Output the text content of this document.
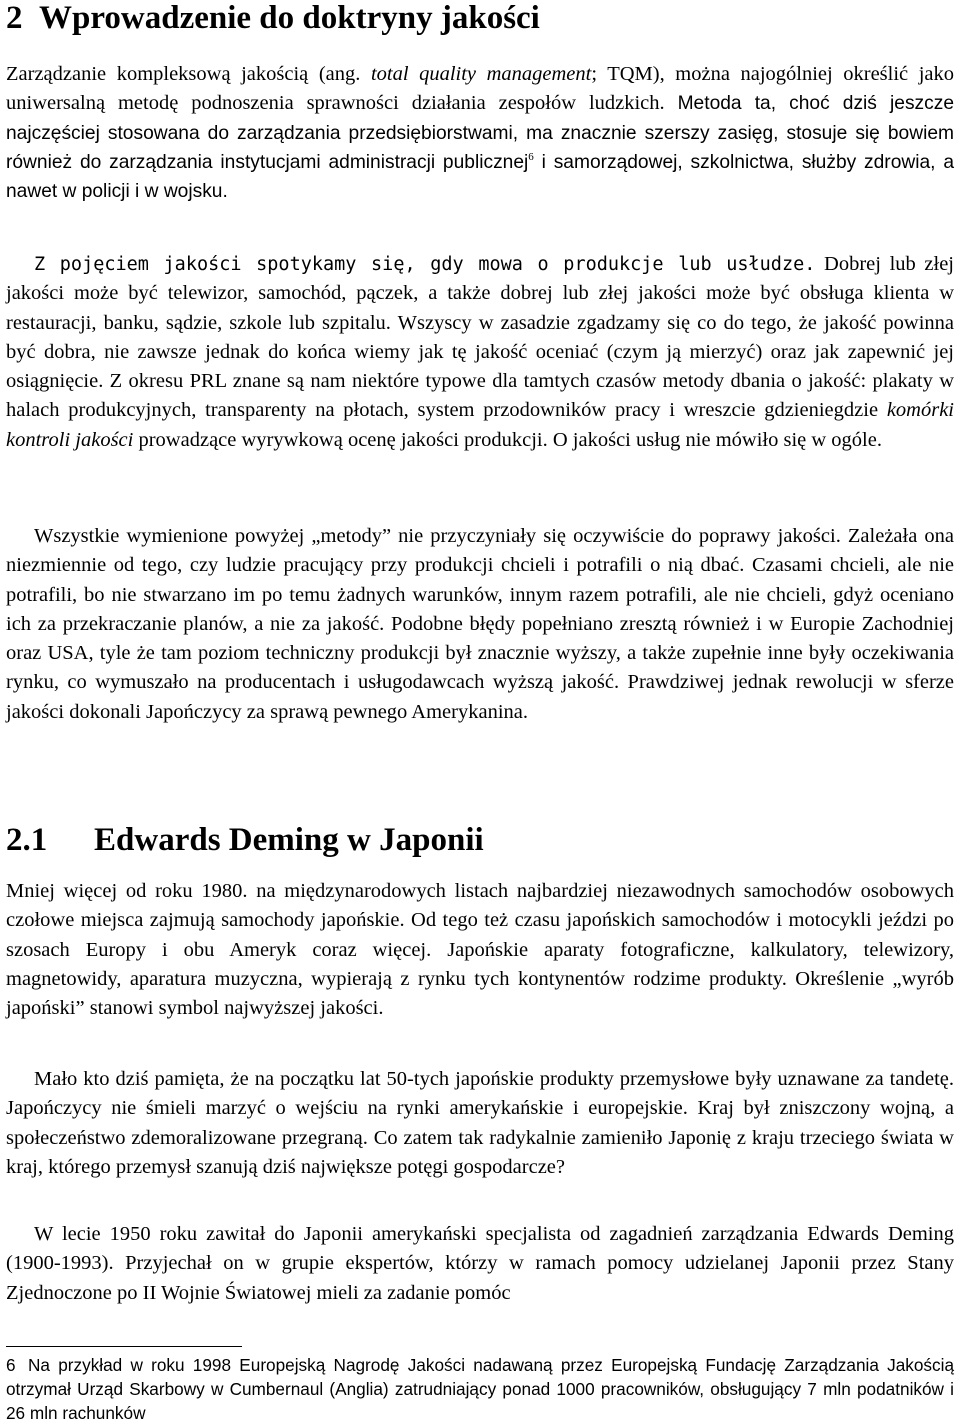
2 Wprowadzenie do doktryny jakości

Zarządzanie kompleksową jakością (ang. total quality management; TQM), można najogólniej określić jako uniwersalną metodę podnoszenia sprawności działania zespołów ludzkich. Metoda ta, choć dziś jeszcze najczęściej stosowana do zarządzania przedsiębiorstwami, ma znacznie szerszy zasięg, stosuje się bowiem również do zarządzania instytucjami administracji publicznej$^6$ i samorządowej, szkolnictwa, służby zdrowia, a nawet w policji i w wojsku.

Z pojęciem jakości spotykamy się, gdy mowa o produkcje lub usłudze. Dobrej lub złej jakości może być telewizor, samochód, pączek, a także dobrej lub złej jakości może być obsługa klienta w restauracji, banku, sądzie, szkole lub szpitalu. Wszyscy w zasadzie zgadzamy się co do tego, że jakość powinna być dobra, nie zawsze jednak do końca wiemy jak tę jakość oceniać (czym ją mierzyć) oraz jak zapewnić jej osiągnięcie. Z okresu PRL znane są nam niektóre typowe dla tamtych czasów metody dbania o jakość: plakaty w halach produkcyjnych, transparenty na płotach, system przodowników pracy i wreszcie gdzieniegdzie komórki kontroli jakości prowadzące wyrywkową ocenę jakości produkcji. O jakości usług nie mówiło się w ogóle.

Wszystkie wymienione powyżej „metody” nie przyczyniały się oczywiście do poprawy jakości. Zależała ona niezmiennie od tego, czy ludzie pracujący przy produkcji chcieli i potrafili o nią dbać. Czasami chcieli, ale nie potrafili, bo nie stwarzano im po temu żadnych warunków, innym razem potrafili, ale nie chcieli, gdyż oceniano ich za przekraczanie planów, a nie za jakość. Podobne błędy popełniano zresztą również i w Europie Zachodniej oraz USA, tyle że tam poziom techniczny produkcji był znacznie wyższy, a także zupełnie inne były oczekiwania rynku, co wymuszało na producentach i usługodawcach wyższą jakość. Prawdziwej jednak rewolucji w sferze jakości dokonali Japończycy za sprawą pewnego Amerykanina.

2.1 Edwards Deming w Japonii

Mniej więcej od roku 1980. na międzynarodowych listach najbardziej niezawodnych samochodów osobowych czołowe miejsca zajmują samochody japońskie. Od tego też czasu japońskich samochodów i motocykli jeździ po szosach Europy i obu Ameryk coraz więcej. Japońskie aparaty fotograficzne, kalkulatory, telewizory, magnetowidy, aparatura muzyczna, wypierają z rynku tych kontynentów rodzime produkty. Określenie „wyrób japoński” stanowi symbol najwyższej jakości.

Mało kto dziś pamięta, że na początku lat 50-tych japońskie produkty przemysłowe były uznawane za tandetę. Japończycy nie śmieli marzyć o wejściu na rynki amerykańskie i europejskie. Kraj był zniszczony wojną, a społeczeństwo zdemoralizowane przegraną. Co zatem tak radykalnie zamieniło Japonię z kraju trzeciego świata w kraj, którego przemysł szanują dziś największe potęgi gospodarcze?

W lecie 1950 roku zawitał do Japonii amerykański specjalista od zagadnień zarządzania Edwards Deming (1900-1993). Przyjechał on w grupie ekspertów, którzy w ramach pomocy udzielanej Japonii przez Stany Zjednoczone po II Wojnie Światowej mieli za zadanie pomóc

6 Na przykład w roku 1998 Europejską Nagrodę Jakości nadawaną przez Europejską Fundację Zarządzania Jakością otrzymał Urząd Skarbowy w Cumbernaul (Anglia) zatrudniający ponad 1000 pracowników, obsługujący 7 mln podatników i 26 mln rachunków
